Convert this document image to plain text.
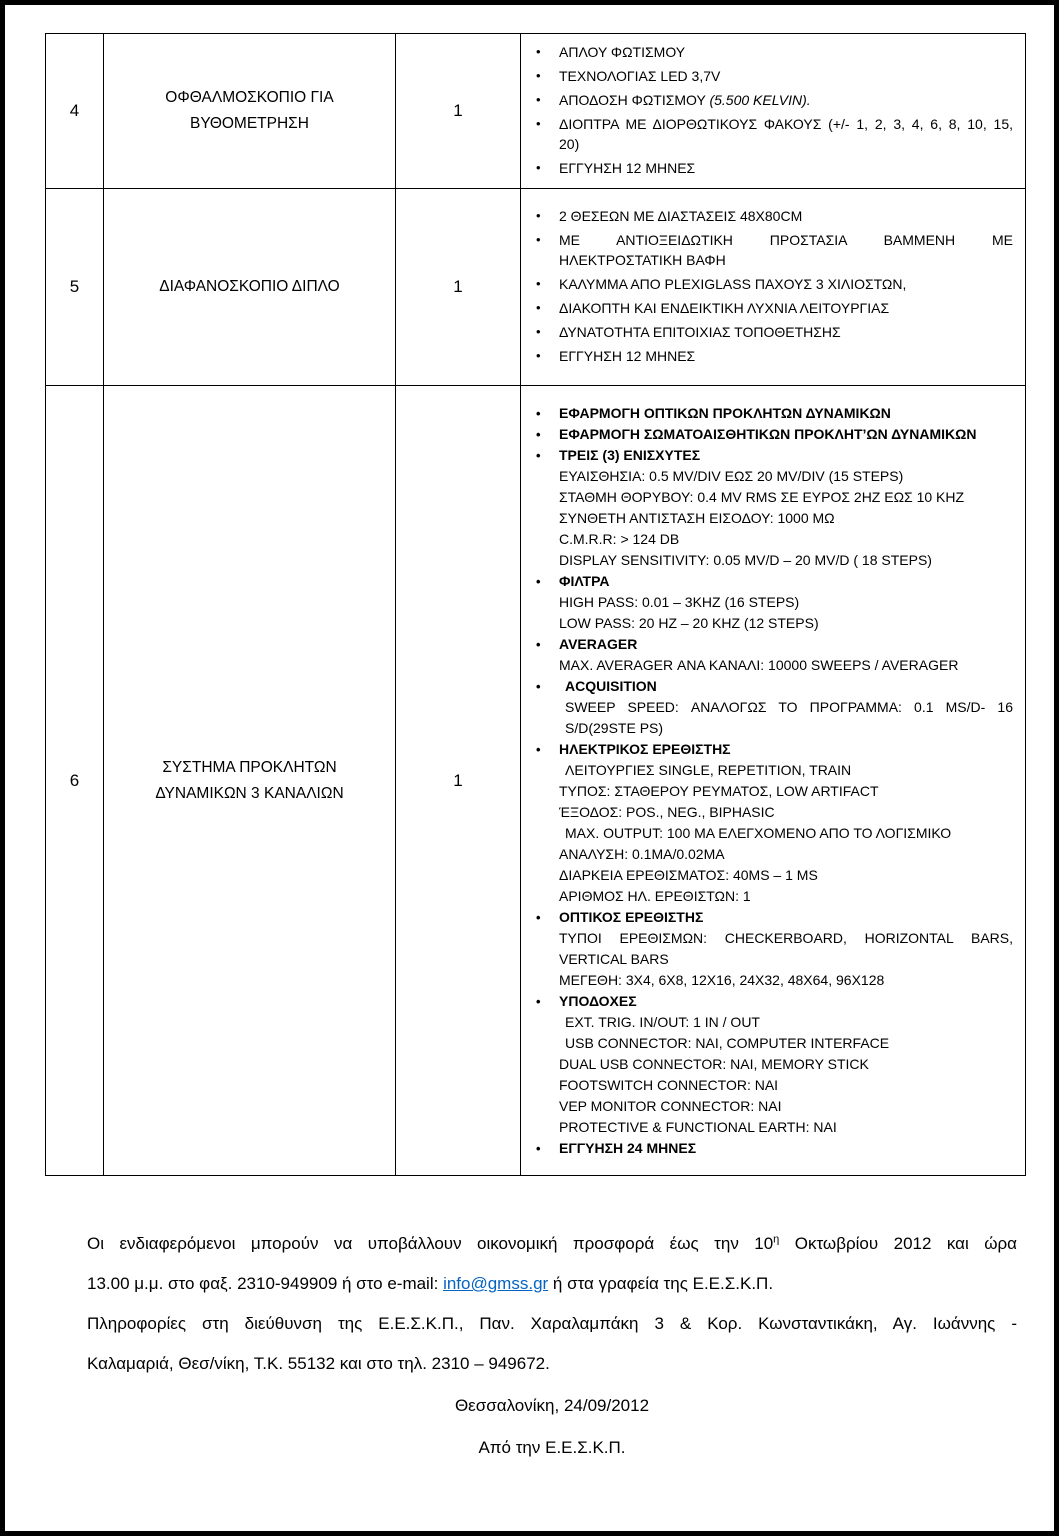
4	ΟΦΘΑΛΜΟΣΚΟΠΙΟ ΓΙΑ ΒΥΘΟΜΕΤΡΗΣΗ	1	
• ΑΠΛΟΥ ΦΩΤΙΣΜΟΥ
• ΤΕΧΝΟΛΟΓΙΑΣ LED 3,7V
• ΑΠΟΔΟΣΗ ΦΩΤΙΣΜΟΥ (5.500 KELVIN).
• ΔΙΟΠΤΡΑ ΜΕ ΔΙΟΡΘΩΤΙΚΟΥΣ ΦΑΚΟΥΣ (+/- 1, 2, 3, 4, 6, 8, 10, 15,
20)
• ΕΓΓΥΗΣΗ 12 ΜΗΝΕΣ

5	ΔΙΑΦΑΝΟΣΚΟΠΙΟ ΔΙΠΛΟ	1	
• 2 ΘΕΣΕΩΝ ΜΕ ΔΙΑΣΤΑΣΕΙΣ 48Χ80CM
• ΜΕ ΑΝΤΙΟΞΕΙΔΩΤΙΚΗ ΠΡΟΣΤΑΣΙΑ ΒΑΜΜΕΝΗ ΜΕ
ΗΛΕΚΤΡΟΣΤΑΤΙΚΗ ΒΑΦΗ
• ΚΑΛΥΜΜΑ ΑΠΟ PLEXIGLASS ΠΑΧΟΥΣ 3 ΧΙΛΙΟΣΤΩΝ,
• ΔΙΑΚΟΠΤΗ ΚΑΙ ΕΝΔΕΙΚΤΙΚΗ ΛΥΧΝΙΑ ΛΕΙΤΟΥΡΓΙΑΣ
• ΔΥΝΑΤΟΤΗΤΑ ΕΠΙΤΟΙΧΙΑΣ ΤΟΠΟΘΕΤΗΣΗΣ
• ΕΓΓΥΗΣΗ 12 ΜΗΝΕΣ

6	ΣΥΣΤΗΜΑ ΠΡΟΚΛΗΤΩΝ ΔΥΝΑΜΙΚΩΝ 3 ΚΑΝΑΛΙΩΝ	1	
• ΕΦΑΡΜΟΓΗ ΟΠΤΙΚΩΝ ΠΡΟΚΛΗΤΩΝ ΔΥΝΑΜΙΚΩΝ
• ΕΦΑΡΜΟΓΗ ΣΩΜΑΤΟΑΙΣΘΗΤΙΚΩΝ ΠΡΟΚΛΗΤ’ΩΝ ΔΥΝΑΜΙΚΩΝ
• ΤΡΕΙΣ (3) ΕΝΙΣΧΥΤΕΣ
ΕΥΑΙΣΘΗΣΙΑ: 0.5 MV/DIV ΕΩΣ 20 MV/DIV (15 STEPS)
ΣΤΑΘΜΗ ΘΟΡΥΒΟΥ: 0.4 MV RMS ΣΕ ΕΥΡΟΣ 2HZ ΕΩΣ 10 KHZ
ΣΥΝΘΕΤΗ ΑΝΤΙΣΤΑΣΗ ΕΙΣΟΔΟΥ: 1000 ΜΩ
C.M.R.R: > 124 DB
DISPLAY SENSITIVITY: 0.05 MV/D – 20 MV/D ( 18 STEPS)
• ΦΙΛΤΡΑ
HIGH PASS: 0.01 – 3KHZ (16 STEPS)
LOW PASS: 20 HZ – 20 KHZ (12 STEPS)
• AVERAGER
MAX. AVERAGER ΑΝΑ ΚΑΝΑΛΙ: 10000 SWEEPS / AVERAGER
• ACQUISITION
SWEEP SPEED: ΑΝΑΛΟΓΩΣ ΤΟ ΠΡΟΓΡΑΜΜΑ: 0.1 MS/D- 16
S/D(29STE PS)
• ΗΛΕΚΤΡΙΚΟΣ ΕΡΕΘΙΣΤΗΣ
ΛΕΙΤΟΥΡΓΙΕΣ SINGLE, REPETITION, TRAIN
ΤΥΠΟΣ: ΣΤΑΘΕΡΟΥ ΡΕΥΜΑΤΟΣ, LOW ARTIFACT
ΈΞΟΔΟΣ: POS., NEG., BIPHASIC
MAX. OUTPUT: 100 MA ΕΛΕΓΧΟΜΕΝΟ ΑΠΟ ΤΟ ΛΟΓΙΣΜΙΚΟ
ΑΝΑΛΥΣΗ: 0.1MA/0.02MA
ΔΙΑΡΚΕΙΑ ΕΡΕΘΙΣΜΑΤΟΣ: 40MS – 1 MS
ΑΡΙΘΜΟΣ ΗΛ. ΕΡΕΘΙΣΤΩΝ: 1
• ΟΠΤΙΚΟΣ ΕΡΕΘΙΣΤΗΣ
ΤΥΠΟΙ ΕΡΕΘΙΣΜΩΝ: CHECKERBOARD, HORIZONTAL BARS,
VERTICAL BARS
ΜΕΓΕΘΗ: 3Χ4, 6Χ8, 12Χ16, 24Χ32, 48Χ64, 96Χ128
• ΥΠΟΔΟΧΕΣ
EXT. TRIG. IN/OUT: 1 IN / OUT
USB CONNECTOR: NAI, COMPUTER INTERFACE
DUAL USB CONNECTOR: NAI, MEMORY STICK
FOOTSWITCH CONNECTOR: NAI
VEP MONITOR CONNECTOR: NAI
PROTECTIVE & FUNCTIONAL EARTH: NAI
• ΕΓΓΥΗΣΗ 24 ΜΗΝΕΣ
Οι ενδιαφερόμενοι μπορούν να υποβάλλουν οικονομική προσφορά έως την $10^\eta$ Οκτωβρίου 2012 και ώρα
13.00 μ.μ. στο φαξ. 2310-949909 ή στο e-mail: info@gmss.gr ή στα γραφεία της Ε.Ε.Σ.Κ.Π.
Πληροφορίες στη διεύθυνση της Ε.Ε.Σ.Κ.Π., Παν. Χαραλαμπάκη 3 & Κορ. Κωνσταντικάκη, Αγ. Ιωάννης -
Καλαμαριά, Θεσ/νίκη, Τ.Κ. 55132 και στο τηλ. 2310 – 949672.
Θεσσαλονίκη, 24/09/2012
Από την Ε.Ε.Σ.Κ.Π.
